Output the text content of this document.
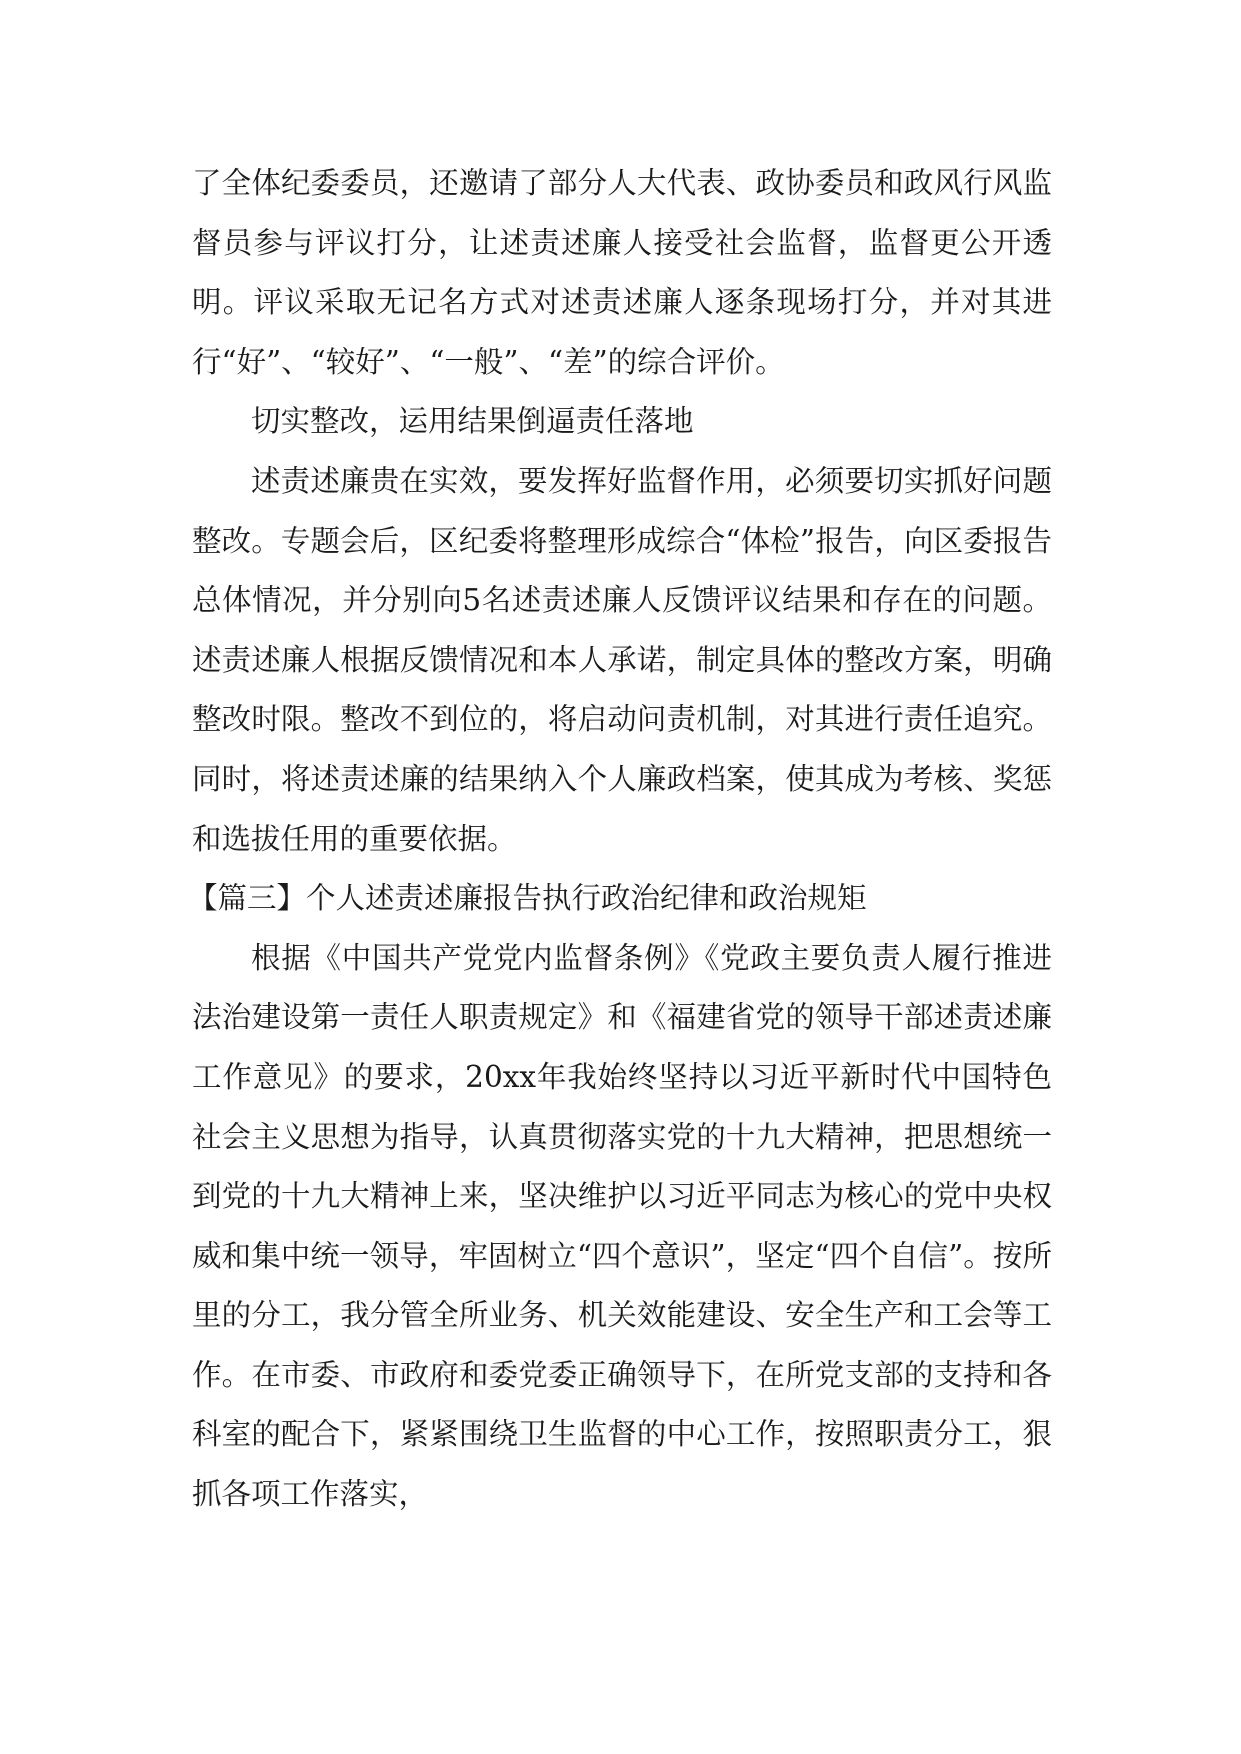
了全体纪委委员，还邀请了部分人大代表、政协委员和政风行风监督员参与评议打分，让述责述廉人接受社会监督，监督更公开透明。评议采取无记名方式对述责述廉人逐条现场打分，并对其进行“好”、“较好”、“一般”、“差”的综合评价。

切实整改，运用结果倒逼责任落地

述责述廉贵在实效，要发挥好监督作用，必须要切实抓好问题整改。专题会后，区纪委将整理形成综合“体检”报告，向区委报告总体情况，并分别向5名述责述廉人反馈评议结果和存在的问题。述责述廉人根据反馈情况和本人承诺，制定具体的整改方案，明确整改时限。整改不到位的，将启动问责机制，对其进行责任追究。同时，将述责述廉的结果纳入个人廉政档案，使其成为考核、奖惩和选拔任用的重要依据。

【篇三】个人述责述廉报告执行政治纪律和政治规矩

根据《中国共产党党内监督条例》《党政主要负责人履行推进法治建设第一责任人职责规定》和《福建省党的领导干部述责述廉工作意见》的要求，20xx年我始终坚持以习近平新时代中国特色社会主义思想为指导，认真贯彻落实党的十九大精神，把思想统一到党的十九大精神上来，坚决维护以习近平同志为核心的党中央权威和集中统一领导，牢固树立“四个意识”，坚定“四个自信”。按所里的分工，我分管全所业务、机关效能建设、安全生产和工会等工作。在市委、市政府和委党委正确领导下，在所党支部的支持和各科室的配合下，紧紧围绕卫生监督的中心工作，按照职责分工，狠抓各项工作落实，
